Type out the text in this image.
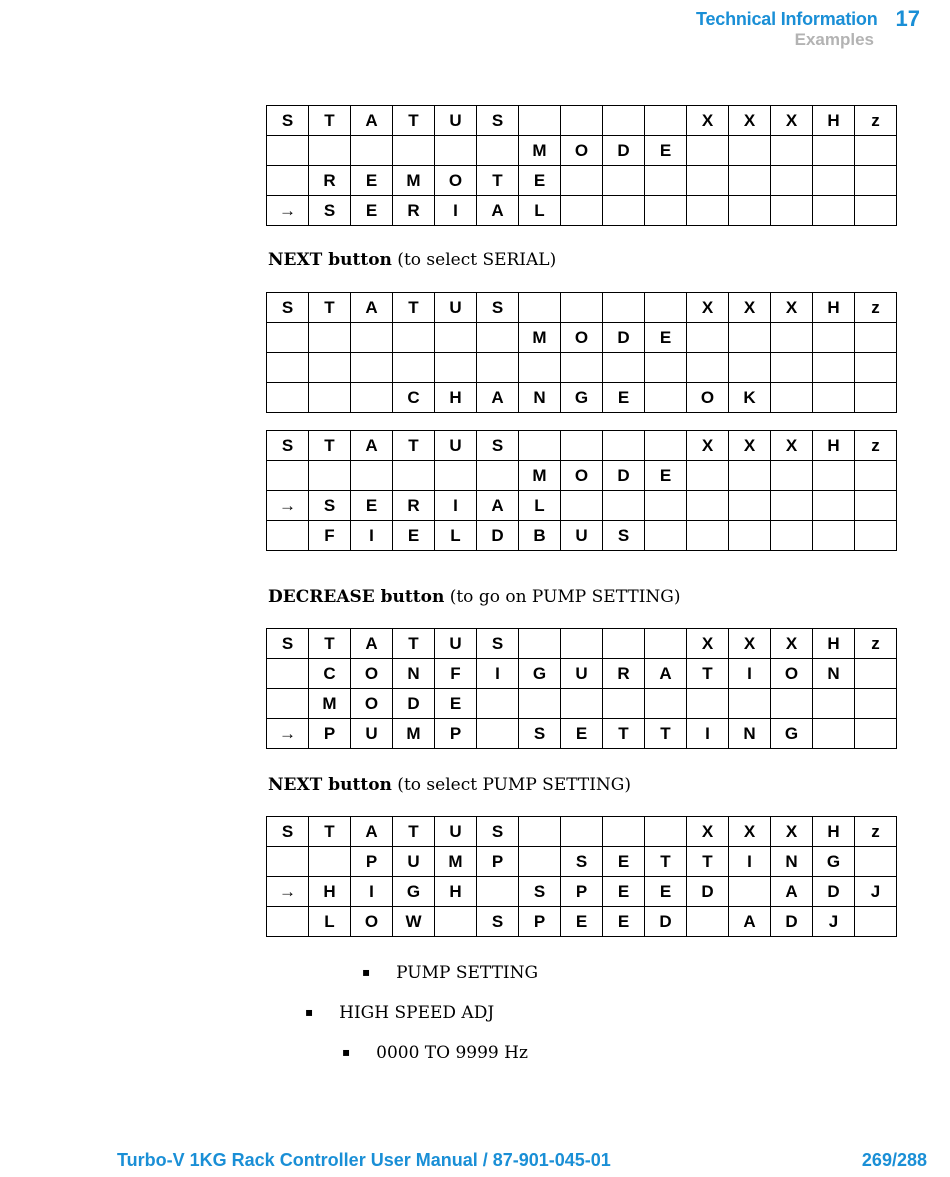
Technical Information 17
Examples
S	T	A	T	U	S					X	X	X	H	z
						M	O	D	E					
	R	E	M	O	T	E								
→	S	E	R	I	A	L								
NEXT button (to select SERIAL)
S	T	A	T	U	S					X	X	X	H	z
						M	O	D	E					

			C	H	A	N	G	E		O	K			
S	T	A	T	U	S					X	X	X	H	z
						M	O	D	E					
→	S	E	R	I	A	L								
	F	I	E	L	D	B	U	S						
DECREASE button (to go on PUMP SETTING)
S	T	A	T	U	S					X	X	X	H	z
	C	O	N	F	I	G	U	R	A	T	I	O	N	
	M	O	D	E										
→	P	U	M	P		S	E	T	T	I	N	G		
NEXT button (to select PUMP SETTING)
S	T	A	T	U	S					X	X	X	H	z
		P	U	M	P		S	E	T	T	I	N	G	
→	H	I	G	H		S	P	E	E	D		A	D	J
	L	O	W		S	P	E	E	D		A	D	J	
▪ PUMP SETTING
▪ HIGH SPEED ADJ
▪ 0000 TO 9999 Hz
Turbo-V 1KG Rack Controller User Manual / 87-901-045-01	269/288
